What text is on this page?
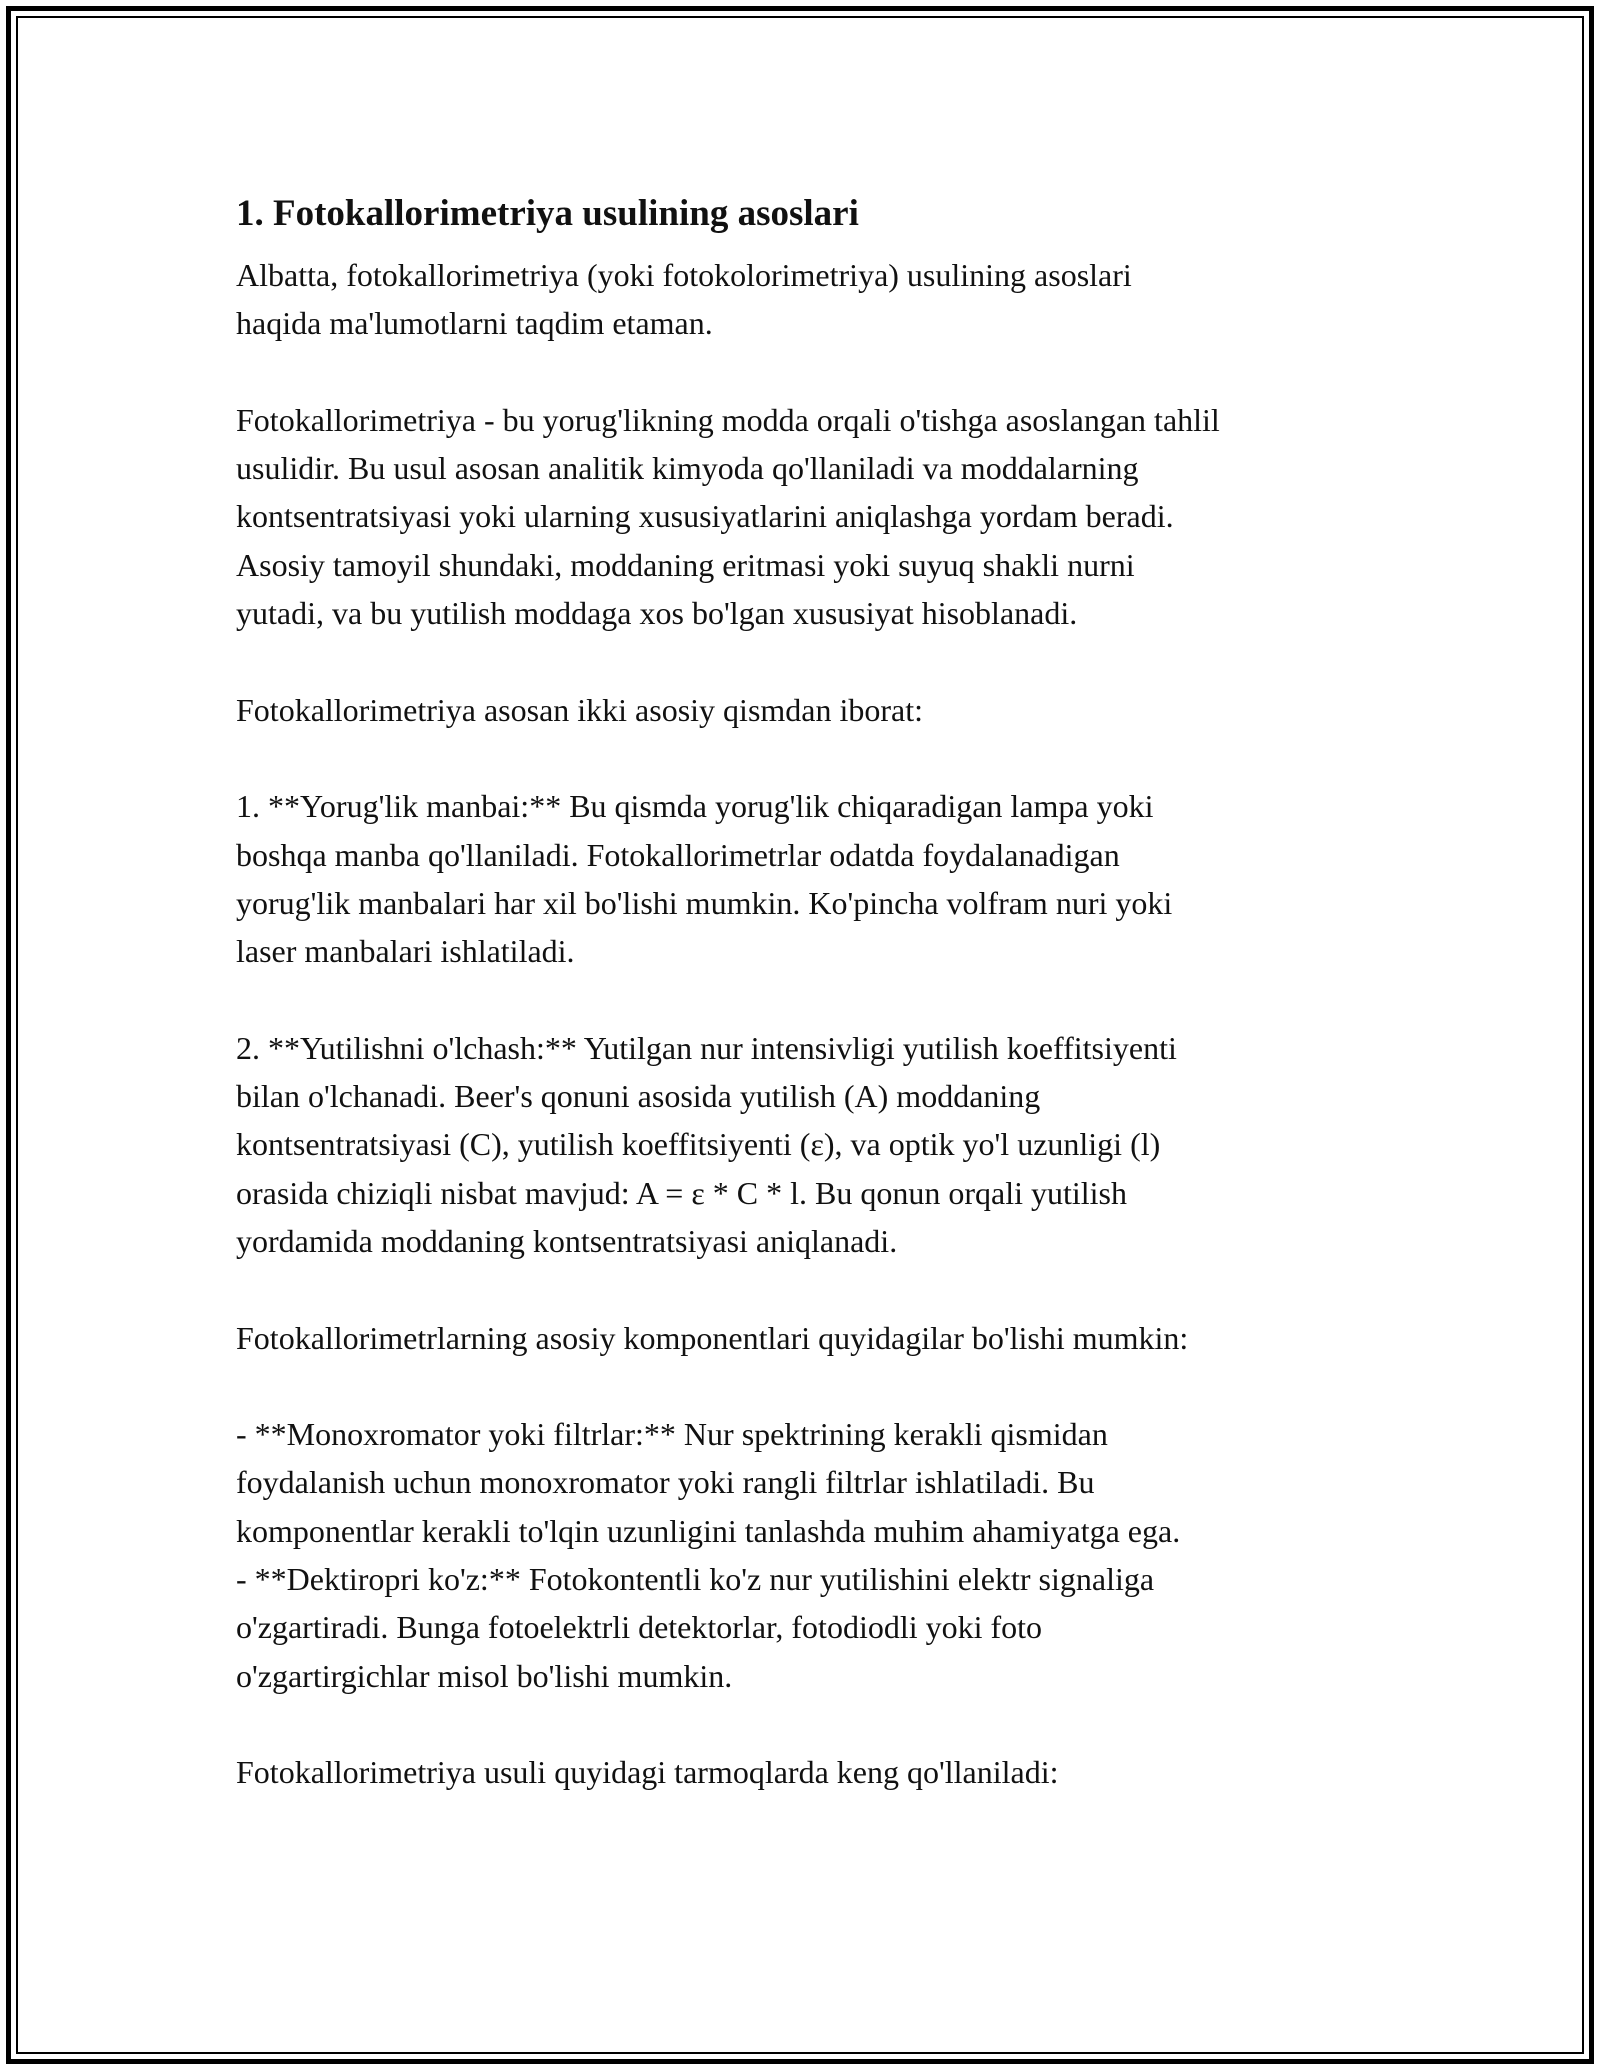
1. Fotokallorimetriya usulining asoslari

Albatta, fotokallorimetriya (yoki fotokolorimetriya) usulining asoslari
haqida ma'lumotlarni taqdim etaman.

Fotokallorimetriya - bu yorug'likning modda orqali o'tishga asoslangan tahlil
usulidir. Bu usul asosan analitik kimyoda qo'llaniladi va moddalarning
kontsentratsiyasi yoki ularning xususiyatlarini aniqlashga yordam beradi.
Asosiy tamoyil shundaki, moddaning eritmasi yoki suyuq shakli nurni
yutadi, va bu yutilish moddaga xos bo'lgan xususiyat hisoblanadi.

Fotokallorimetriya asosan ikki asosiy qismdan iborat:

1. **Yorug'lik manbai:** Bu qismda yorug'lik chiqaradigan lampa yoki
boshqa manba qo'llaniladi. Fotokallorimetrlar odatda foydalanadigan
yorug'lik manbalari har xil bo'lishi mumkin. Ko'pincha volfram nuri yoki
laser manbalari ishlatiladi.

2. **Yutilishni o'lchash:** Yutilgan nur intensivligi yutilish koeffitsiyenti
bilan o'lchanadi. Beer's qonuni asosida yutilish (A) moddaning
kontsentratsiyasi (C), yutilish koeffitsiyenti (ε), va optik yo'l uzunligi (l)
orasida chiziqli nisbat mavjud: A = ε * C * l. Bu qonun orqali yutilish
yordamida moddaning kontsentratsiyasi aniqlanadi.

Fotokallorimetrlarning asosiy komponentlari quyidagilar bo'lishi mumkin:

- **Monoxromator yoki filtrlar:** Nur spektrining kerakli qismidan
foydalanish uchun monoxromator yoki rangli filtrlar ishlatiladi. Bu
komponentlar kerakli to'lqin uzunligini tanlashda muhim ahamiyatga ega.
- **Dektiropri ko'z:** Fotokontentli ko'z nur yutilishini elektr signaliga
o'zgartiradi. Bunga fotoelektrli detektorlar, fotodiodli yoki foto
o'zgartirgichlar misol bo'lishi mumkin.

Fotokallorimetriya usuli quyidagi tarmoqlarda keng qo'llaniladi:
